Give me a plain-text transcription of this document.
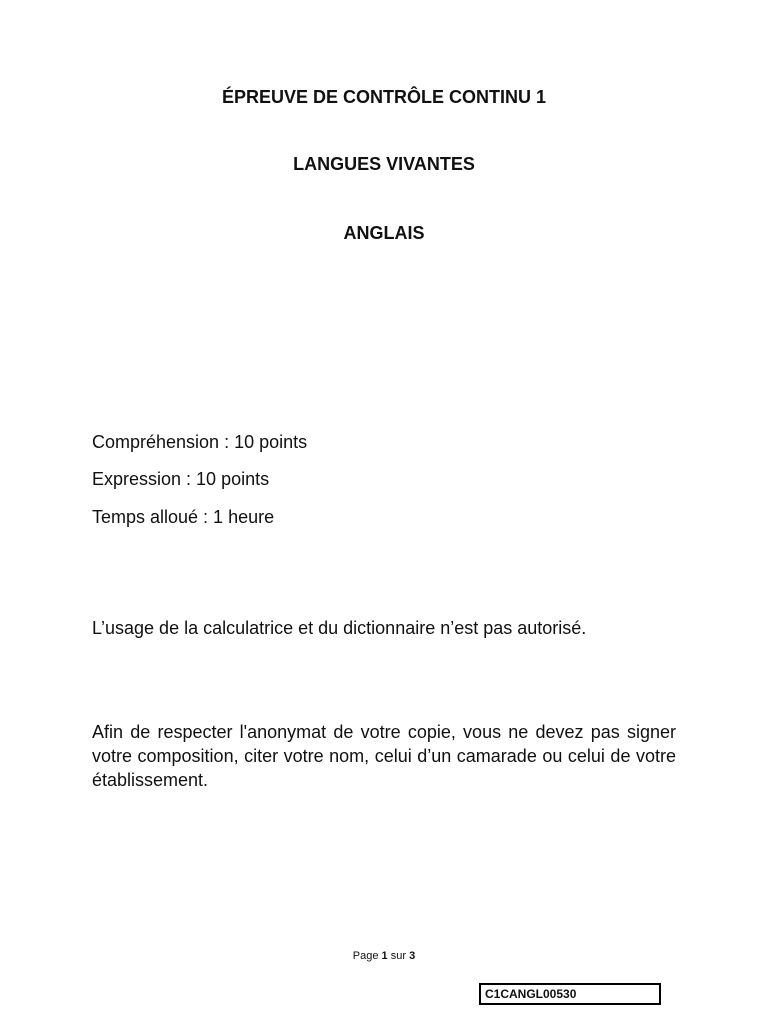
ÉPREUVE DE CONTRÔLE CONTINU 1
LANGUES VIVANTES
ANGLAIS

Compréhension : 10 points

Expression : 10 points

Temps alloué : 1 heure

L’usage de la calculatrice et du dictionnaire n’est pas autorisé.

Afin de respecter l'anonymat de votre copie, vous ne devez pas signer votre composition, citer votre nom, celui d’un camarade ou celui de votre établissement.

Page 1 sur 3
C1CANGL00530
